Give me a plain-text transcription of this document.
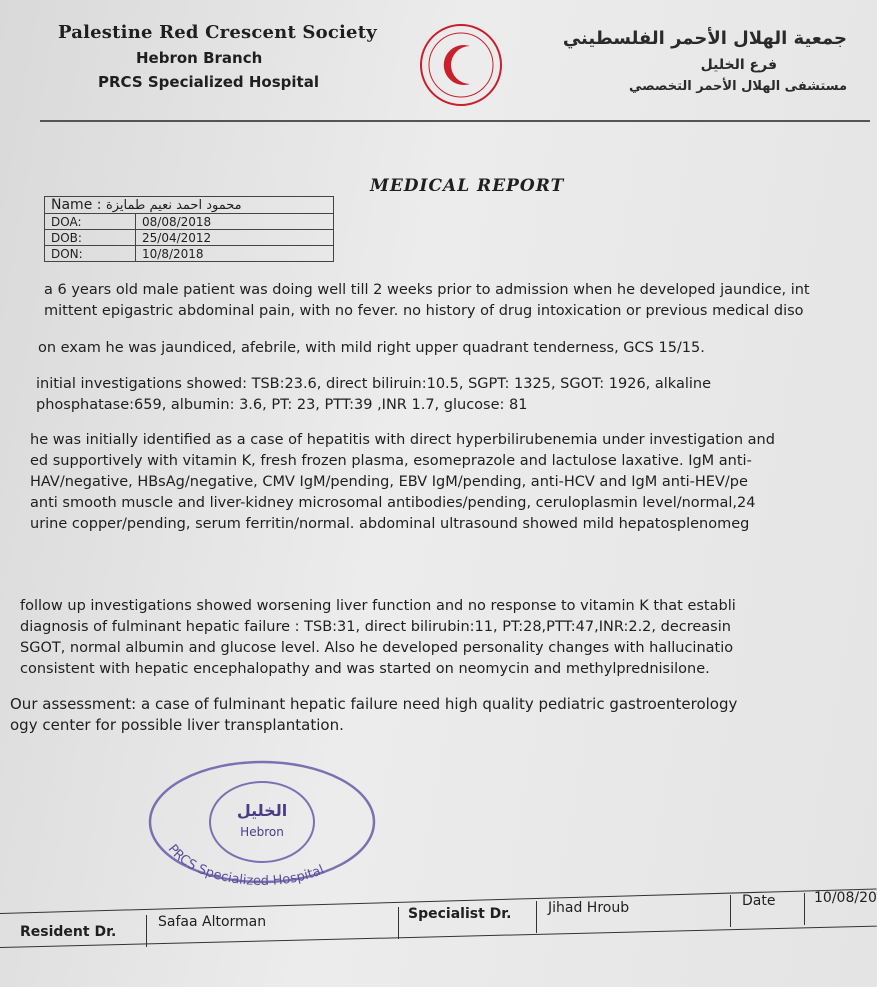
Palestine Red Crescent Society
Hebron Branch
PRCS Specialized Hospital
جمعية الهلال الأحمر الفلسطيني
فرع الخليل
مستشفى الهلال الأحمر التخصصي
MEDICAL REPORT
Name : محمود احمد نعيم طمايزة	
DOA:	08/08/2018
DOB:	25/04/2012
DON:	10/8/2018
a 6 years old male patient was doing well till 2 weeks prior to admission when he developed jaundice, int
mittent epigastric abdominal pain, with no fever. no history of drug intoxication or previous medical diso
on exam he was jaundiced, afebrile, with mild right upper quadrant tenderness, GCS 15/15.
initial investigations showed: TSB:23.6, direct biliruin:10.5, SGPT: 1325, SGOT: 1926, alkaline
phosphatase:659, albumin: 3.6, PT: 23, PTT:39 ,INR 1.7, glucose: 81
he was initially identified as a case of hepatitis with direct hyperbilirubenemia under investigation and
ed supportively with vitamin K, fresh frozen plasma, esomeprazole and lactulose laxative. IgM anti-
HAV/negative, HBsAg/negative, CMV IgM/pending, EBV IgM/pending, anti-HCV and IgM anti-HEV/pe
anti smooth muscle and liver-kidney microsomal antibodies/pending, ceruloplasmin level/normal,24
urine copper/pending, serum ferritin/normal. abdominal ultrasound showed mild hepatosplenomeg
follow up investigations showed worsening liver function and no response to vitamin K that establi
diagnosis of fulminant hepatic failure : TSB:31, direct bilirubin:11, PT:28,PTT:47,INR:2.2, decreasin
SGOT, normal albumin and glucose level. Also he developed personality changes with hallucinatio
consistent with hepatic encephalopathy and was started on neomycin and methylprednisilone.
Our assessment: a case of fulminant hepatic failure need high quality pediatric gastroenterology
ogy center for possible liver transplantation.
الخليل
Hebron
PRCS Specialized Hospital
Resident Dr.
Safaa Altorman	Specialist Dr.	Jihad Hroub	Date	10/08/20
